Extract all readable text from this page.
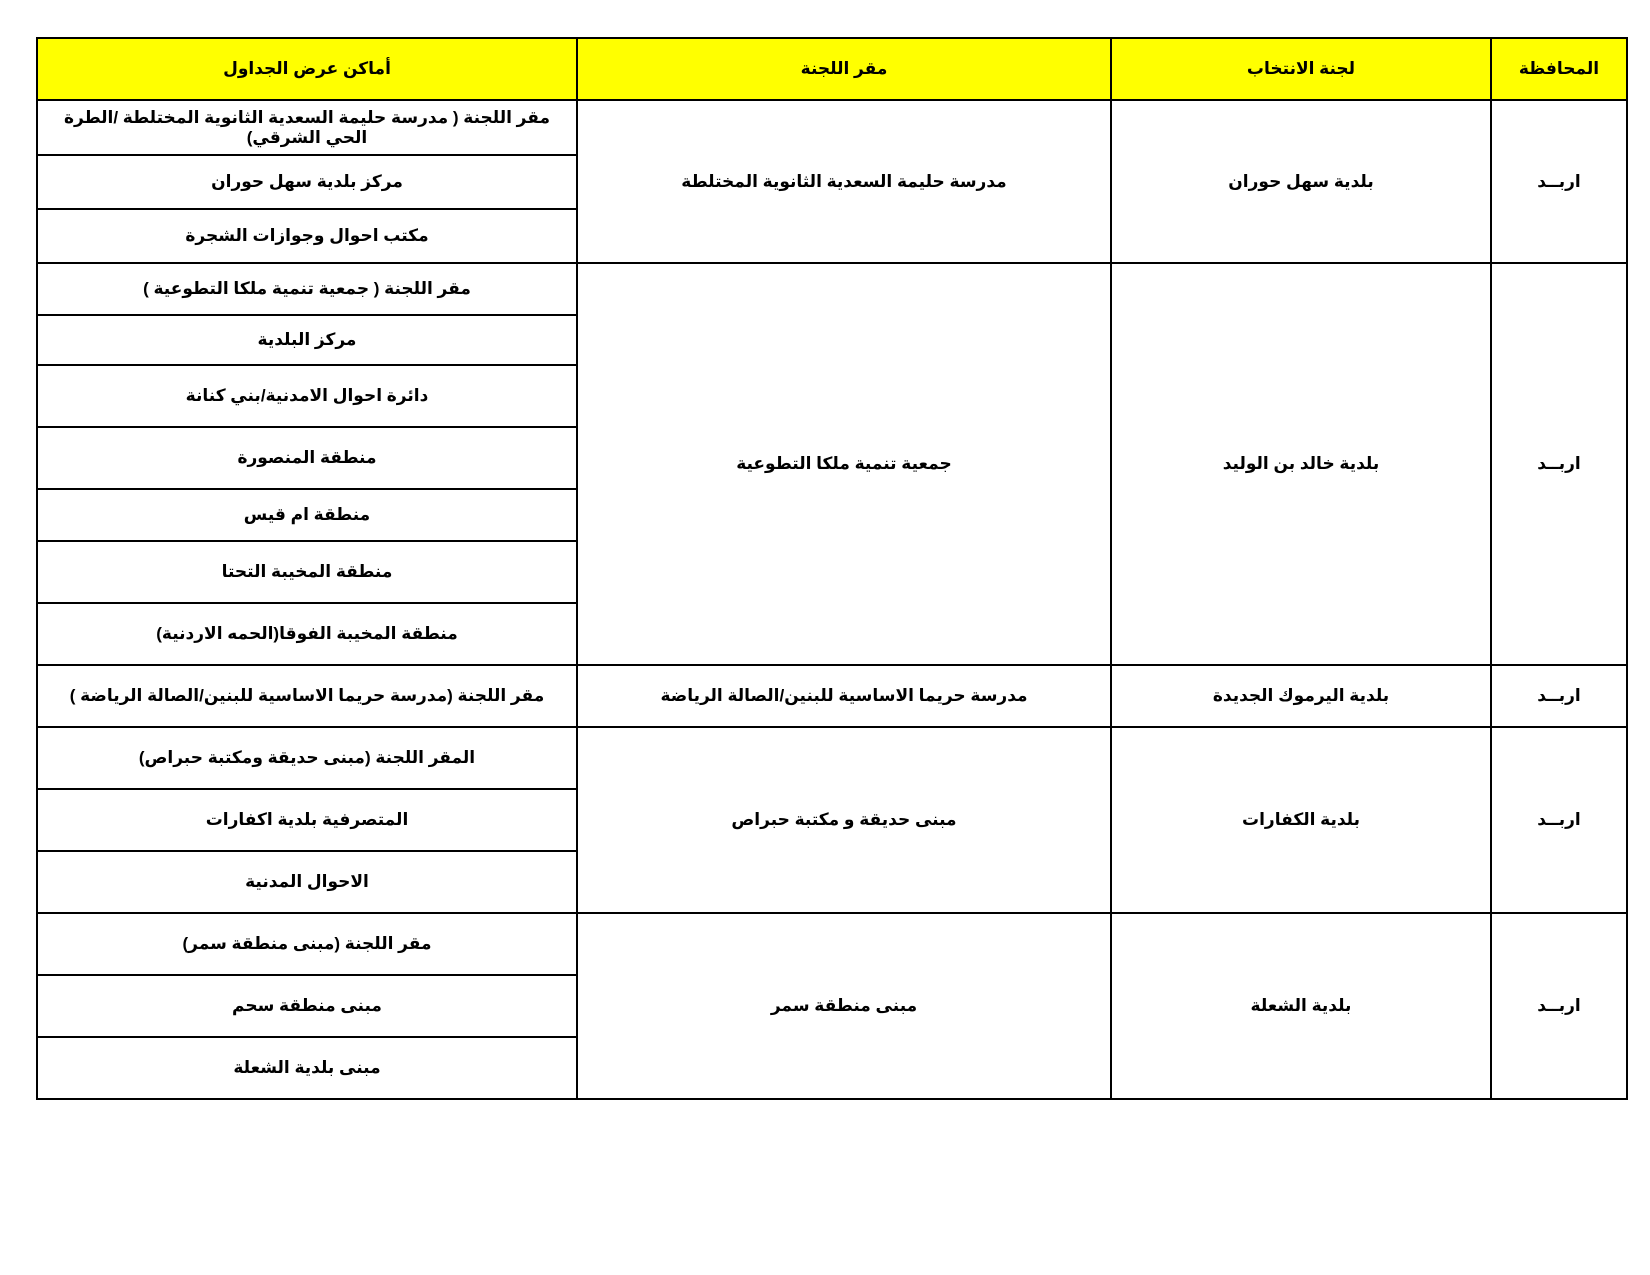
أماكن عرض الجداول	مقر اللجنة	لجنة الانتخاب	المحافظة
مقر اللجنة ( مدرسة حليمة السعدية الثانوية المختلطة /الطرة الحي الشرقي)	مدرسة حليمة السعدية الثانوية المختلطة	بلدية سهل حوران	اربــد
مركز بلدية سهل حوران			
مكتب احوال وجوازات الشجرة			
مقر اللجنة ( جمعية تنمية ملكا التطوعية )	جمعية تنمية ملكا التطوعية	بلدية خالد بن الوليد	اربــد
مركز البلدية			
دائرة احوال الامدنية/بني كنانة			
منطقة المنصورة			
منطقة ام قيس			
منطقة المخيبة التحتا			
منطقة المخيبة الفوقا(الحمه الاردنية)			
مقر اللجنة (مدرسة حريما الاساسية للبنين/الصالة الرياضة )	مدرسة حريما الاساسية للبنين/الصالة الرياضة	بلدية اليرموك الجديدة	اربــد
المقر اللجنة (مبنى حديقة ومكتبة حبراص)	مبنى حديقة و مكتبة حبراص	بلدية الكفارات	اربــد
المتصرفية بلدية اكفارات			
الاحوال المدنية			
مقر اللجنة (مبنى منطقة سمر)	مبنى منطقة سمر	بلدية الشعلة	اربــد
مبنى منطقة سحم			
مبنى بلدية الشعلة			
